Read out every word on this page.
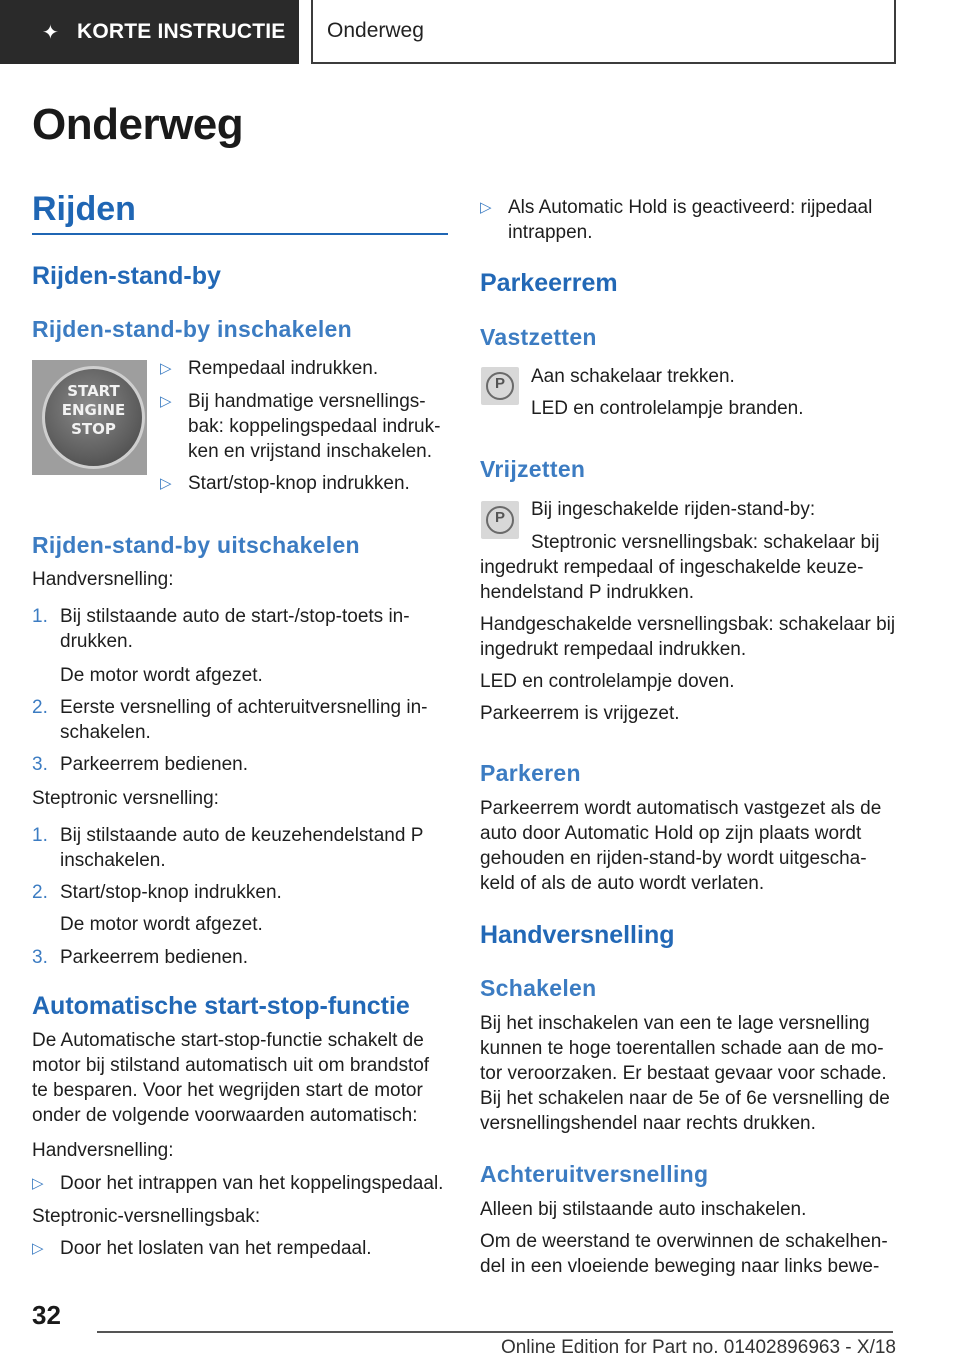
✦ KORTE INSTRUCTIE Onderweg
Onderweg
Rijden
Rijden-stand-by
Rijden-stand-by inschakelen
START
ENGINE
STOP
▷ Rempedaal indrukken.
▷ Bij handmatige versnellings-
bak: koppelingspedaal indruk-
ken en vrijstand inschakelen.
▷ Start/stop-knop indrukken.
Rijden-stand-by uitschakelen
Handversnelling:
1. Bij stilstaande auto de start-/stop-toets in-
drukken.
De motor wordt afgezet.
2. Eerste versnelling of achteruitversnelling in-
schakelen.
3. Parkeerrem bedienen.
Steptronic versnelling:
1. Bij stilstaande auto de keuzehendelstand P
inschakelen.
2. Start/stop-knop indrukken.
De motor wordt afgezet.
3. Parkeerrem bedienen.
Automatische start-stop-functie
De Automatische start-stop-functie schakelt de
motor bij stilstand automatisch uit om brandstof
te besparen. Voor het wegrijden start de motor
onder de volgende voorwaarden automatisch:
Handversnelling:
▷ Door het intrappen van het koppelingspedaal.
Steptronic-versnellingsbak:
▷ Door het loslaten van het rempedaal.
▷ Als Automatic Hold is geactiveerd: rijpedaal
intrappen.
Parkeerrem
Vastzetten
P	Aan schakelaar trekken.
LED en controlelampje branden.
Vrijzetten
P	Bij ingeschakelde rijden-stand-by:
Steptronic versnellingsbak: schakelaar bij
ingedrukt rempedaal of ingeschakelde keuze-
hendelstand P indrukken.
Handgeschakelde versnellingsbak: schakelaar bij
ingedrukt rempedaal indrukken.
LED en controlelampje doven.
Parkeerrem is vrijgezet.
Parkeren
Parkeerrem wordt automatisch vastgezet als de
auto door Automatic Hold op zijn plaats wordt
gehouden en rijden-stand-by wordt uitgescha-
keld of als de auto wordt verlaten.
Handversnelling
Schakelen
Bij het inschakelen van een te lage versnelling
kunnen te hoge toerentallen schade aan de mo-
tor veroorzaken. Er bestaat gevaar voor schade.
Bij het schakelen naar de 5e of 6e versnelling de
versnellingshendel naar rechts drukken.
Achteruitversnelling
Alleen bij stilstaande auto inschakelen.
Om de weerstand te overwinnen de schakelhen-
del in een vloeiende beweging naar links bewe-
32
Online Edition for Part no. 01402896963 - X/18
